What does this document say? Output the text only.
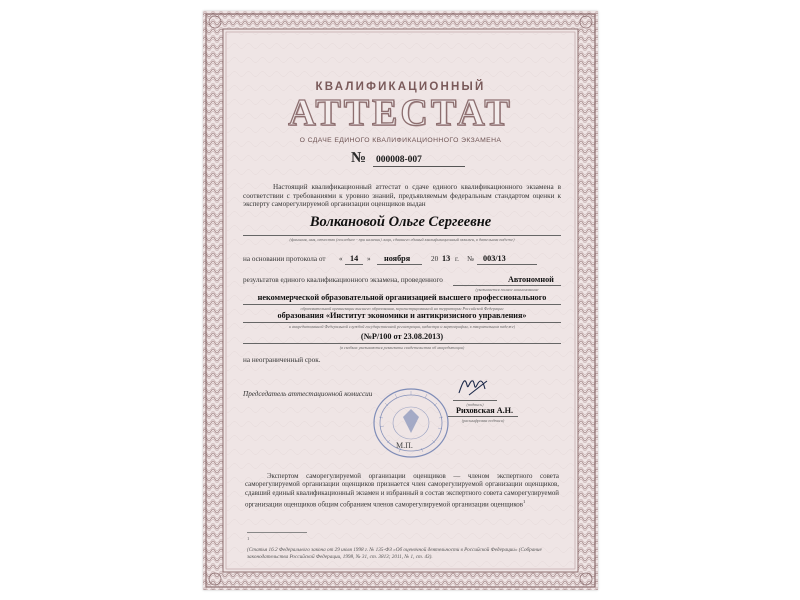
КВАЛИФИКАЦИОННЫЙ
АТТЕСТАТ
О СДАЧЕ ЕДИНОГО КВАЛИФИКАЦИОННОГО ЭКЗАМЕНА
№ 000008-007
Настоящий квалификационный аттестат о сдаче единого квалификационного экзамена в соответствии с требованиями к уровню знаний, предъявляемым федеральным стандартом оценки к эксперту саморегулируемой организации оценщиков выдан
Волкановой Ольге Сергеевне
(фамилия, имя, отчество (последнее - при наличии) лица, сдавшего единый квалификационный экзамен, в дательном падеже)
на основании протокола от « 14 » ноября	20 13 г. № 003/13
результатов единого квалификационного экзамена, проведенного	Автономной
(указывается полное наименование
некоммерческой образовательной организацией высшего профессионального
образовательной организации высшего образования, зарегистрированной на территории Российской Федерации
образования «Институт экономики и антикризисного управления»
и аккредитованной Федеральной службой государственной регистрации, кадастра и картографии, в творительном падеже)
(№Р/100 от 23.08.2013)
(в скобках указываются реквизиты свидетельства об аккредитации)
на неограниченный срок.
Председатель аттестационной комиссии
(подпись)
Риховская А.Н.
(расшифровка подписи)
М.П.
Экспертом саморегулируемой организации оценщиков — членом экспертного совета саморегулируемой организации оценщиков признается член саморегулируемой организации оценщиков, сдавший единый квалификационный экзамен и избранный в состав экспертного совета саморегулируемой организации оценщиков общим собранием членов саморегулируемой организации оценщиков$^1$
1
(Статья 16.2 Федерального закона от 29 июля 1998 г. № 135-ФЗ «Об оценочной деятельности в Российской Федерации» (Собрание законодательства Российской Федерации, 1998, № 31, ст. 3813; 2011, № 1, ст. 43).
